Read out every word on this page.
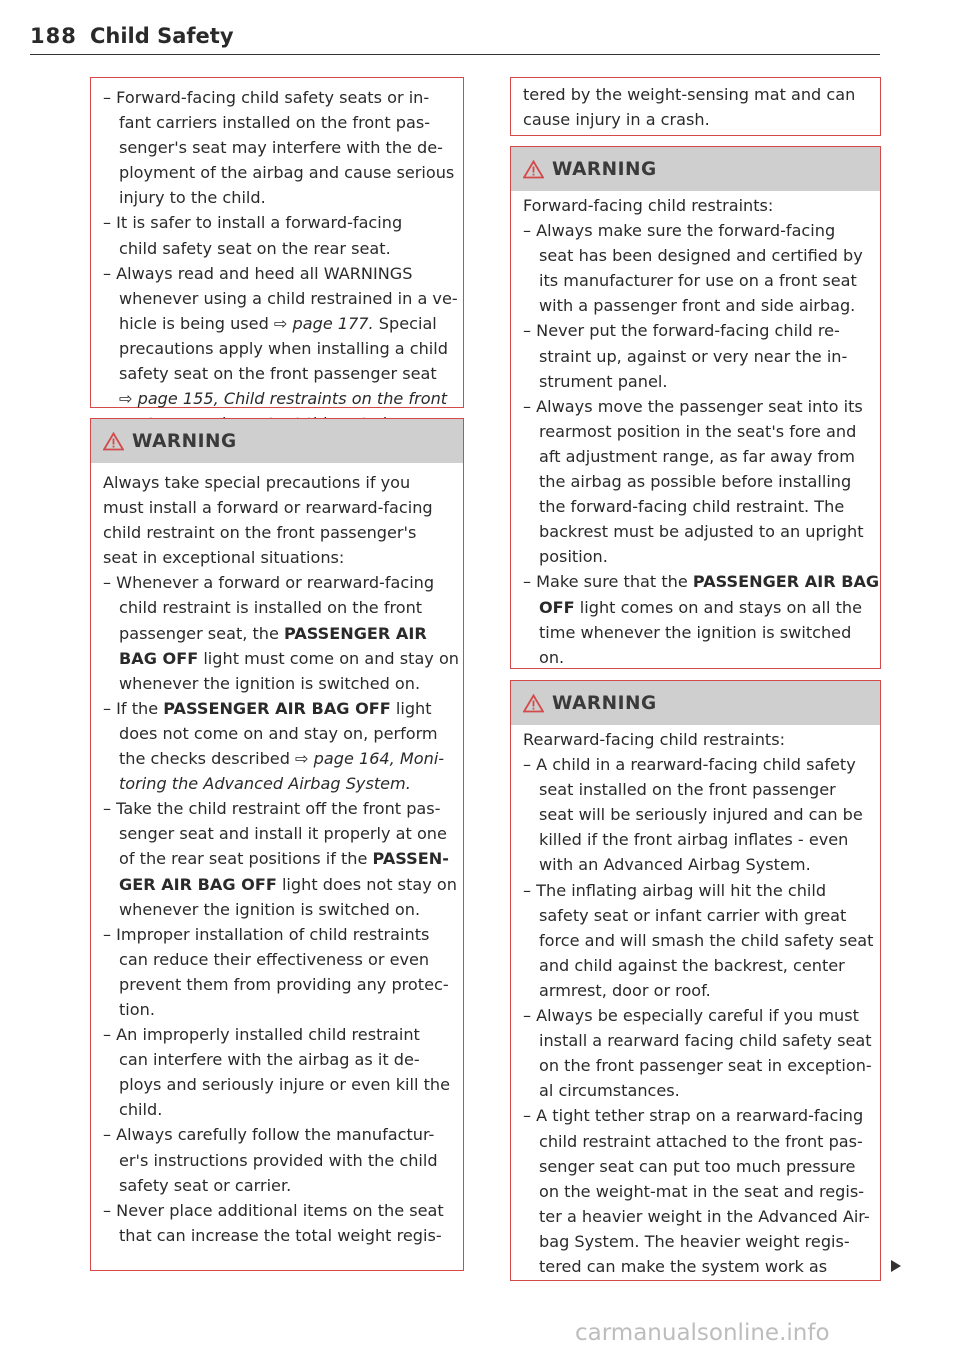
188 Child Safety
– Forward-facing child safety seats or in-
fant carriers installed on the front pas-
senger's seat may interfere with the de-
ployment of the airbag and cause serious
injury to the child.
– It is safer to install a forward-facing
child safety seat on the rear seat.
– Always read and heed all WARNINGS
whenever using a child restrained in a ve-
hicle is being used ⇨ page 177. Special
precautions apply when installing a child
safety seat on the front passenger seat
⇨ page 155, Child restraints on the front
WARNING
Always take special precautions if you
must install a forward or rearward-facing
child restraint on the front passenger's
seat in exceptional situations:
– Whenever a forward or rearward-facing
child restraint is installed on the front
passenger seat, the PASSENGER AIR
BAG OFF light must come on and stay on
whenever the ignition is switched on.
– If the PASSENGER AIR BAG OFF light
does not come on and stay on, perform
the checks described ⇨ page 164, Moni-
toring the Advanced Airbag System.
– Take the child restraint off the front pas-
senger seat and install it properly at one
of the rear seat positions if the PASSEN-
GER AIR BAG OFF light does not stay on
whenever the ignition is switched on.
– Improper installation of child restraints
can reduce their effectiveness or even
prevent them from providing any protec-
tion.
– An improperly installed child restraint
can interfere with the airbag as it de-
ploys and seriously injure or even kill the
child.
– Always carefully follow the manufactur-
er's instructions provided with the child
safety seat or carrier.
– Never place additional items on the seat
that can increase the total weight regis-
tered by the weight-sensing mat and can
cause injury in a crash.
WARNING
Forward-facing child restraints:
– Always make sure the forward-facing
seat has been designed and certified by
its manufacturer for use on a front seat
with a passenger front and side airbag.
– Never put the forward-facing child re-
straint up, against or very near the in-
strument panel.
– Always move the passenger seat into its
rearmost position in the seat's fore and
aft adjustment range, as far away from
the airbag as possible before installing
the forward-facing child restraint. The
backrest must be adjusted to an upright
position.
– Make sure that the PASSENGER AIR BAG
OFF light comes on and stays on all the
time whenever the ignition is switched
on.
WARNING
Rearward-facing child restraints:
– A child in a rearward-facing child safety
seat installed on the front passenger
seat will be seriously injured and can be
killed if the front airbag inflates - even
with an Advanced Airbag System.
– The inflating airbag will hit the child
safety seat or infant carrier with great
force and will smash the child safety seat
and child against the backrest, center
armrest, door or roof.
– Always be especially careful if you must
install a rearward facing child safety seat
on the front passenger seat in exception-
al circumstances.
– A tight tether strap on a rearward-facing
child restraint attached to the front pas-
senger seat can put too much pressure
on the weight-mat in the seat and regis-
ter a heavier weight in the Advanced Air-
bag System. The heavier weight regis-
tered can make the system work as
carmanualsonline.info
